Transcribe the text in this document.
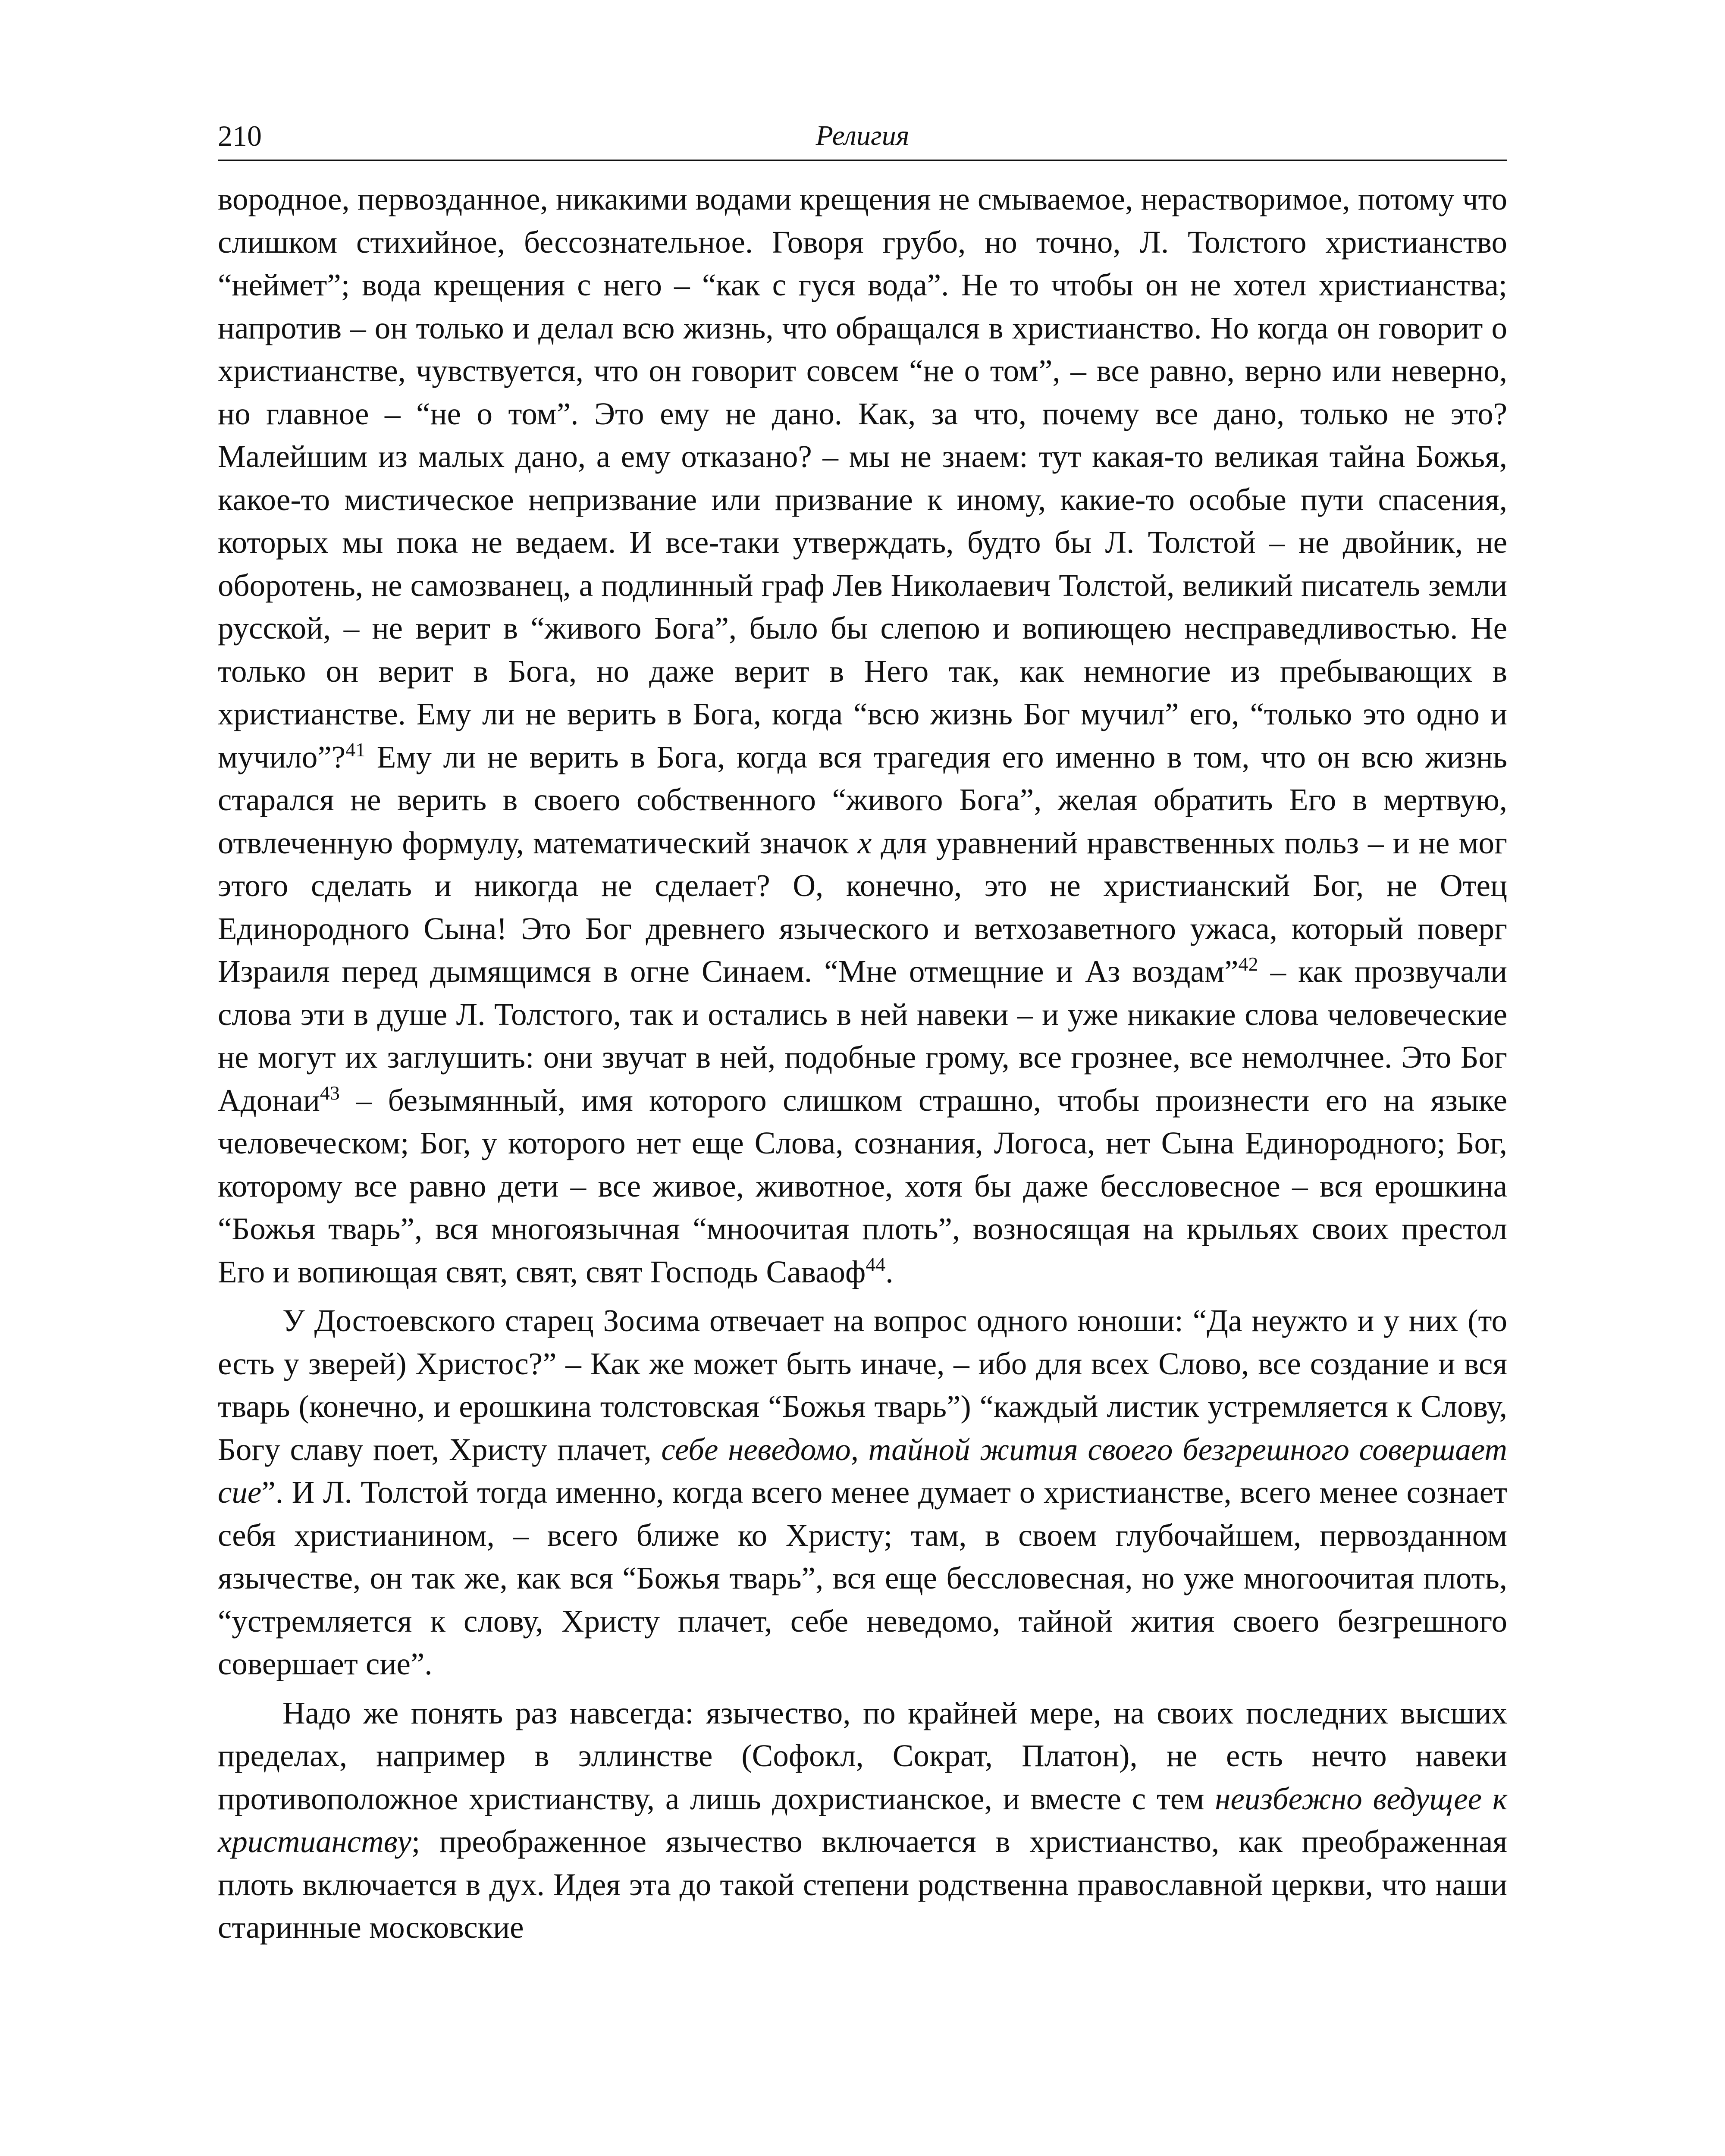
210	Религия

вородное, первозданное, никакими водами крещения не смываемое, нерастворимое, потому что слишком стихийное, бессознательное. Говоря грубо, но точно, Л. Толстого христианство “неймет”; вода крещения с него – “как с гуся вода”. Не то чтобы он не хотел христианства; напротив – он только и делал всю жизнь, что обращался в христианство. Но когда он говорит о христианстве, чувствуется, что он говорит совсем “не о том”, – все равно, верно или неверно, но главное – “не о том”. Это ему не дано. Как, за что, почему все дано, только не это? Малейшим из малых дано, а ему отказано? – мы не знаем: тут какая-то великая тайна Божья, какое-то мистическое непризвание или призвание к иному, какие-то особые пути спасения, которых мы пока не ведаем. И все-таки утверждать, будто бы Л. Толстой – не двойник, не оборотень, не самозванец, а подлинный граф Лев Николаевич Толстой, великий писатель земли русской, – не верит в “живого Бога”, было бы слепою и вопиющею несправедливостью. Не только он верит в Бога, но даже верит в Него так, как немногие из пребывающих в христианстве. Ему ли не верить в Бога, когда “всю жизнь Бог мучил” его, “только это одно и мучило”?$^{41}$ Ему ли не верить в Бога, когда вся трагедия его именно в том, что он всю жизнь старался не верить в своего собственного “живого Бога”, желая обратить Его в мертвую, отвлеченную формулу, математический значок x для уравнений нравственных польз – и не мог этого сделать и никогда не сделает? О, конечно, это не христианский Бог, не Отец Единородного Сына! Это Бог древнего языческого и ветхозаветного ужаса, который поверг Израиля перед дымящимся в огне Синаем. “Мне отмещние и Аз воздам”$^{42}$ – как прозвучали слова эти в душе Л. Толстого, так и остались в ней навеки – и уже никакие слова человеческие не могут их заглушить: они звучат в ней, подобные грому, все грознее, все немолчнее. Это Бог Адонаи$^{43}$ – безымянный, имя которого слишком страшно, чтобы произнести его на языке человеческом; Бог, у которого нет еще Слова, сознания, Логоса, нет Сына Единородного; Бог, которому все равно дети – все живое, животное, хотя бы даже бессловесное – вся ерошкина “Божья тварь”, вся многоязычная “мноочитая плоть”, возносящая на крыльях своих престол Его и вопиющая свят, свят, свят Господь Саваоф$^{44}$.

У Достоевского старец Зосима отвечает на вопрос одного юноши: “Да неужто и у них (то есть у зверей) Христос?” – Как же может быть иначе, – ибо для всех Слово, все создание и вся тварь (конечно, и ерошкина толстовская “Божья тварь”) “каждый листик устремляется к Слову, Богу славу поет, Христу плачет, себе неведомо, тайной жития своего безгрешного совершает сие”. И Л. Толстой тогда именно, когда всего менее думает о христианстве, всего менее сознает себя христианином, – всего ближе ко Христу; там, в своем глубочайшем, первозданном язычестве, он так же, как вся “Божья тварь”, вся еще бессловесная, но уже многоочитая плоть, “устремляется к слову, Христу плачет, себе неведомо, тайной жития своего безгрешного совершает сие”.

Надо же понять раз навсегда: язычество, по крайней мере, на своих последних высших пределах, например в эллинстве (Софокл, Сократ, Платон), не есть нечто навеки противоположное христианству, а лишь дохристианское, и вместе с тем неизбежно ведущее к христианству; преображенное язычество включается в христианство, как преображенная плоть включается в дух. Идея эта до такой степени родственна православной церкви, что наши старинные московские
